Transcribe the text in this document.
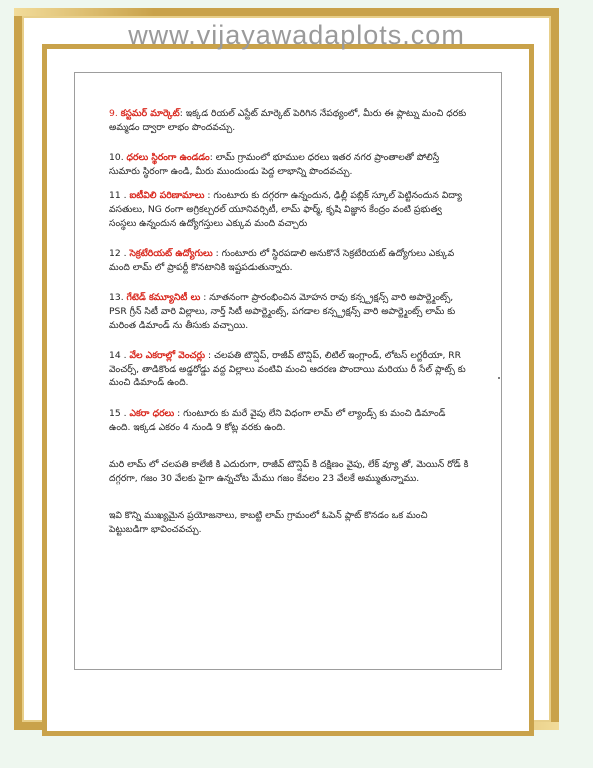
www.vijayawadaplots.com

9. కస్టమర్ మార్కెట్: ఇక్కడ రియల్ ఎస్టేట్ మార్కెట్ పెరిగిన నేపథ్యంలో, మీరు ఈ ప్లాట్ను మంచి ధరకు అమ్మడం ద్వారా లాభం పొందవచ్చు.

10. ధరలు స్థిరంగా ఉండడం: లామ్ గ్రామంలో భూముల ధరలు ఇతర నగర ప్రాంతాలతో పోలిస్తే సుమారు స్థిరంగా ఉండి, మీరు ముందుండు పెద్ద లాభాన్ని పొందవచ్చు.

11 . ఐటీవిలి పరిణామాలు : గుంటూరు కు దగ్గరగా ఉన్నందున, ఢిల్లీ పబ్లిక్ స్కూల్ పెట్టినందున విద్యా వసతులు, NG రంగా అగ్రికల్చరల్ యూనివర్సిటీ, లామ్ ఫార్మ్, కృషి విజ్ఞాన కేంద్రం వంటి ప్రభుత్వ సంస్థలు ఉన్నందున ఉద్యోగస్తులు ఎక్కువ మంది వచ్చారు

12 . సెక్రటేరియట్ ఉద్యోగులు : గుంటూరు లో స్థిరపడాలి అనుకొనే సెక్రటేరియట్ ఉద్యోగులు ఎక్కువ మంది లామ్ లో ప్రాపర్టీ కొనటానికి ఇష్టపడుతున్నారు.

13. గేటెడ్ కమ్యూనిటీ లు : నూతనంగా ప్రారంభించిన మోహన రావు కన్స్ట్రక్షన్స్ వారి అపార్ట్మెంట్స్, PSR గ్రీన్ సిటీ వారి విల్లాలు, నార్త్ సిటీ అపార్ట్మెంట్స్, పగడాల కన్స్ట్రక్షన్స్ వారి అపార్ట్మెంట్స్ లామ్ కు మరింత డిమాండ్ ను తీసుకు వచ్చాయి.

14 . వేల ఎకరాల్లో వెంచర్లు : చలపతి టౌన్షిప్, రాజీవ్ టౌన్షిప్, లిటిల్ ఇంగ్లాండ్, లోటస్ లగ్జరీయా, RR వెంచర్స్, తాడికొండ అడ్డరోడ్డు వద్ద విల్లాలు వంటివి మంచి ఆదరణ పొందాయి మరియు రీ సేల్ ప్లాట్స్ కు మంచి డిమాండ్ ఉంది.

15 . ఎకరా ధరలు : గుంటూరు కు మరే వైపు లేని విధంగా లామ్ లో ల్యాండ్స్ కు మంచి డిమాండ్ ఉంది. ఇక్కడ ఎకరం 4 నుండి 9 కోట్ల వరకు ఉంది.

మరి లామ్ లో చలపతి కాలేజీ కి ఎదురుగా, రాజీవ్ టౌన్షిప్ కి దక్షిణం వైపు, లేక్ వ్యూ తో, మెయిన్ రోడ్ కి దగ్గరగా, గజం 30 వేలకు పైగా ఉన్నచోట మేము గజం కేవలం 23 వేలకే అమ్ముతున్నాము.

ఇవి కొన్ని ముఖ్యమైన ప్రయోజనాలు, కాబట్టి లామ్ గ్రామంలో ఓపెన్ ప్లాట్ కొనడం ఒక మంచి పెట్టుబడిగా భావించవచ్చు.
